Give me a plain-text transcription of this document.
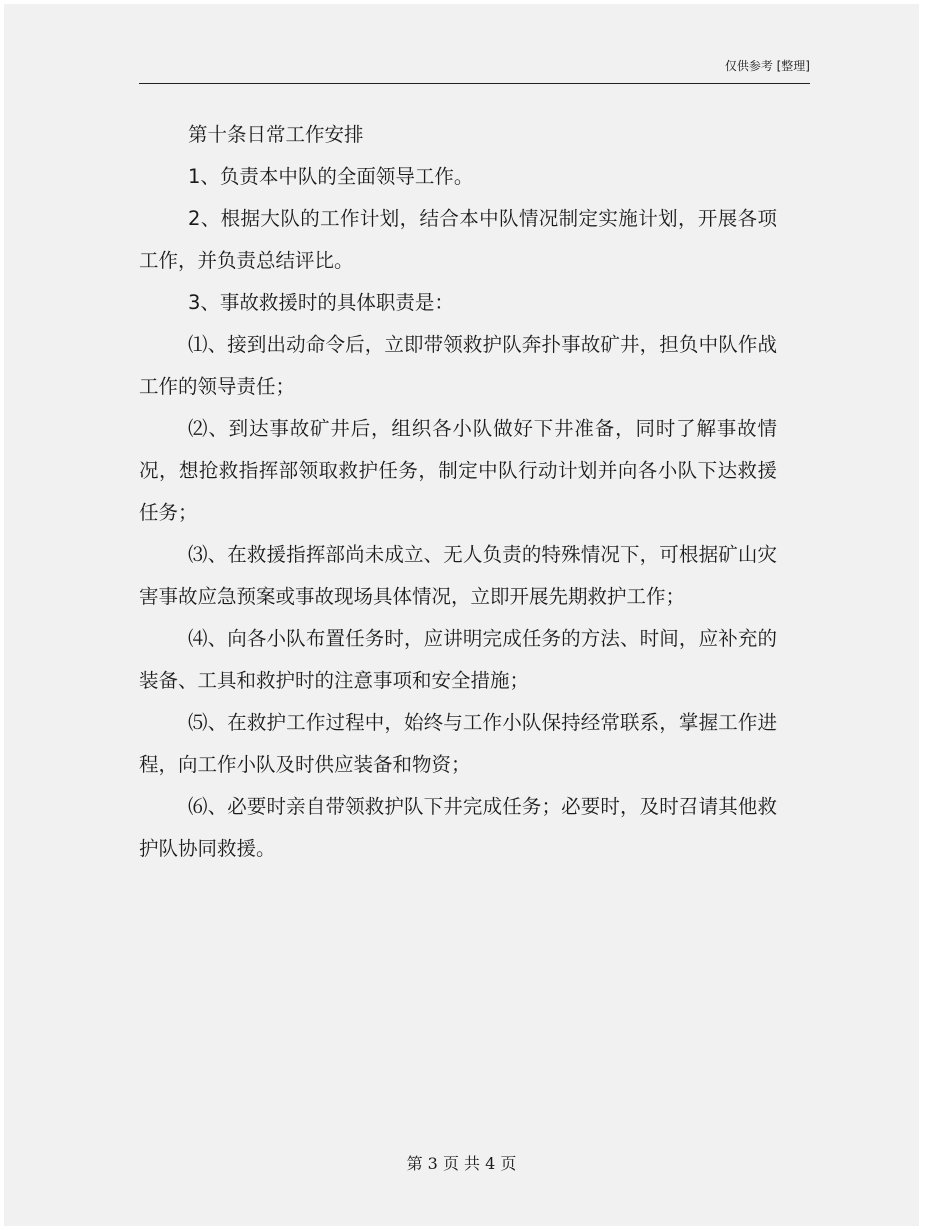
仅供参考 [整理]

第十条日常工作安排

1、负责本中队的全面领导工作。

2、根据大队的工作计划，结合本中队情况制定实施计划，开展各项工作，并负责总结评比。

3、事故救援时的具体职责是：

⑴、接到出动命令后，立即带领救护队奔扑事故矿井，担负中队作战工作的领导责任；

⑵、到达事故矿井后，组织各小队做好下井准备，同时了解事故情况，想抢救指挥部领取救护任务，制定中队行动计划并向各小队下达救援任务；

⑶、在救援指挥部尚未成立、无人负责的特殊情况下，可根据矿山灾害事故应急预案或事故现场具体情况，立即开展先期救护工作；

⑷、向各小队布置任务时，应讲明完成任务的方法、时间，应补充的装备、工具和救护时的注意事项和安全措施；

⑸、在救护工作过程中，始终与工作小队保持经常联系，掌握工作进程，向工作小队及时供应装备和物资；

⑹、必要时亲自带领救护队下井完成任务；必要时，及时召请其他救护队协同救援。

第 3 页 共 4 页
